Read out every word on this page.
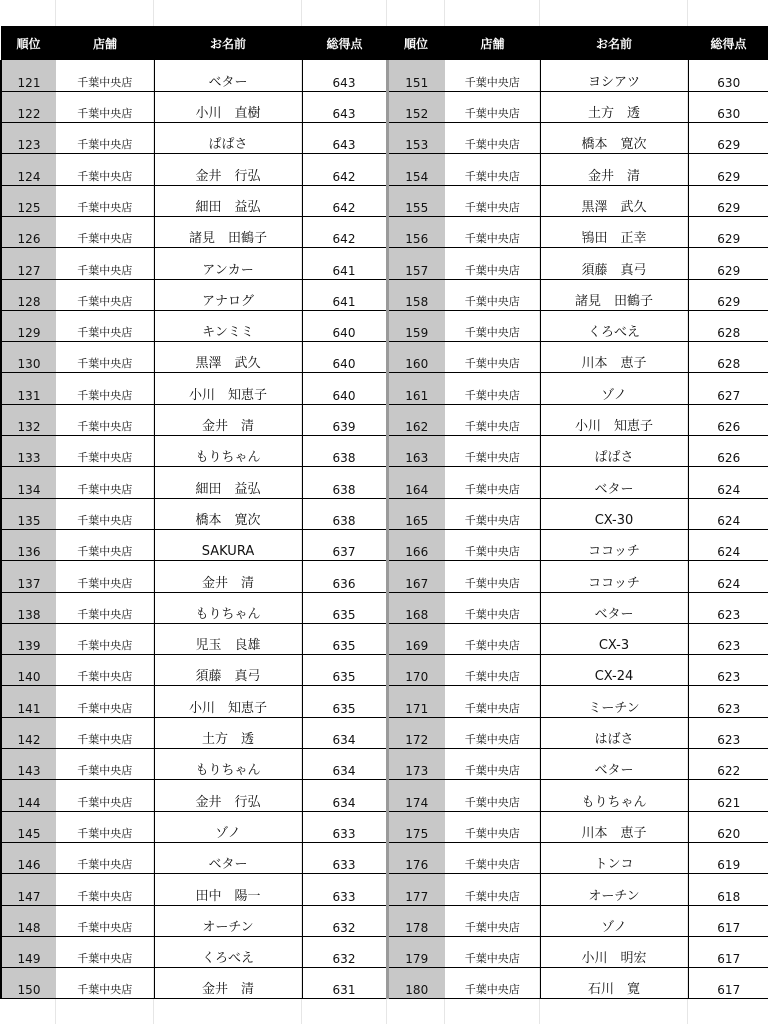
順位	店舗	お名前	総得点	順位	店舗	お名前	総得点
121	千葉中央店	ベター	643	151	千葉中央店	ヨシアツ	630
122	千葉中央店	小川　直樹	643	152	千葉中央店	土方　透	630
123	千葉中央店	ぱぱさ	643	153	千葉中央店	橋本　寛次	629
124	千葉中央店	金井　行弘	642	154	千葉中央店	金井　清	629
125	千葉中央店	細田　益弘	642	155	千葉中央店	黒澤　武久	629
126	千葉中央店	諸見　田鶴子	642	156	千葉中央店	鴇田　正幸	629
127	千葉中央店	アンカー	641	157	千葉中央店	須藤　真弓	629
128	千葉中央店	アナログ	641	158	千葉中央店	諸見　田鶴子	629
129	千葉中央店	キンミミ	640	159	千葉中央店	くろべえ	628
130	千葉中央店	黒澤　武久	640	160	千葉中央店	川本　恵子	628
131	千葉中央店	小川　知恵子	640	161	千葉中央店	ゾノ	627
132	千葉中央店	金井　清	639	162	千葉中央店	小川　知恵子	626
133	千葉中央店	もりちゃん	638	163	千葉中央店	ぱぱさ	626
134	千葉中央店	細田　益弘	638	164	千葉中央店	ベター	624
135	千葉中央店	橋本　寛次	638	165	千葉中央店	CX-30	624
136	千葉中央店	SAKURA	637	166	千葉中央店	ココッチ	624
137	千葉中央店	金井　清	636	167	千葉中央店	ココッチ	624
138	千葉中央店	もりちゃん	635	168	千葉中央店	ベター	623
139	千葉中央店	児玉　良雄	635	169	千葉中央店	CX-3	623
140	千葉中央店	須藤　真弓	635	170	千葉中央店	CX-24	623
141	千葉中央店	小川　知恵子	635	171	千葉中央店	ミーチン	623
142	千葉中央店	土方　透	634	172	千葉中央店	はばさ	623
143	千葉中央店	もりちゃん	634	173	千葉中央店	ベター	622
144	千葉中央店	金井　行弘	634	174	千葉中央店	もりちゃん	621
145	千葉中央店	ゾノ	633	175	千葉中央店	川本　恵子	620
146	千葉中央店	ベター	633	176	千葉中央店	トンコ	619
147	千葉中央店	田中　陽一	633	177	千葉中央店	オーチン	618
148	千葉中央店	オーチン	632	178	千葉中央店	ゾノ	617
149	千葉中央店	くろべえ	632	179	千葉中央店	小川　明宏	617
150	千葉中央店	金井　清	631	180	千葉中央店	石川　寛	617
